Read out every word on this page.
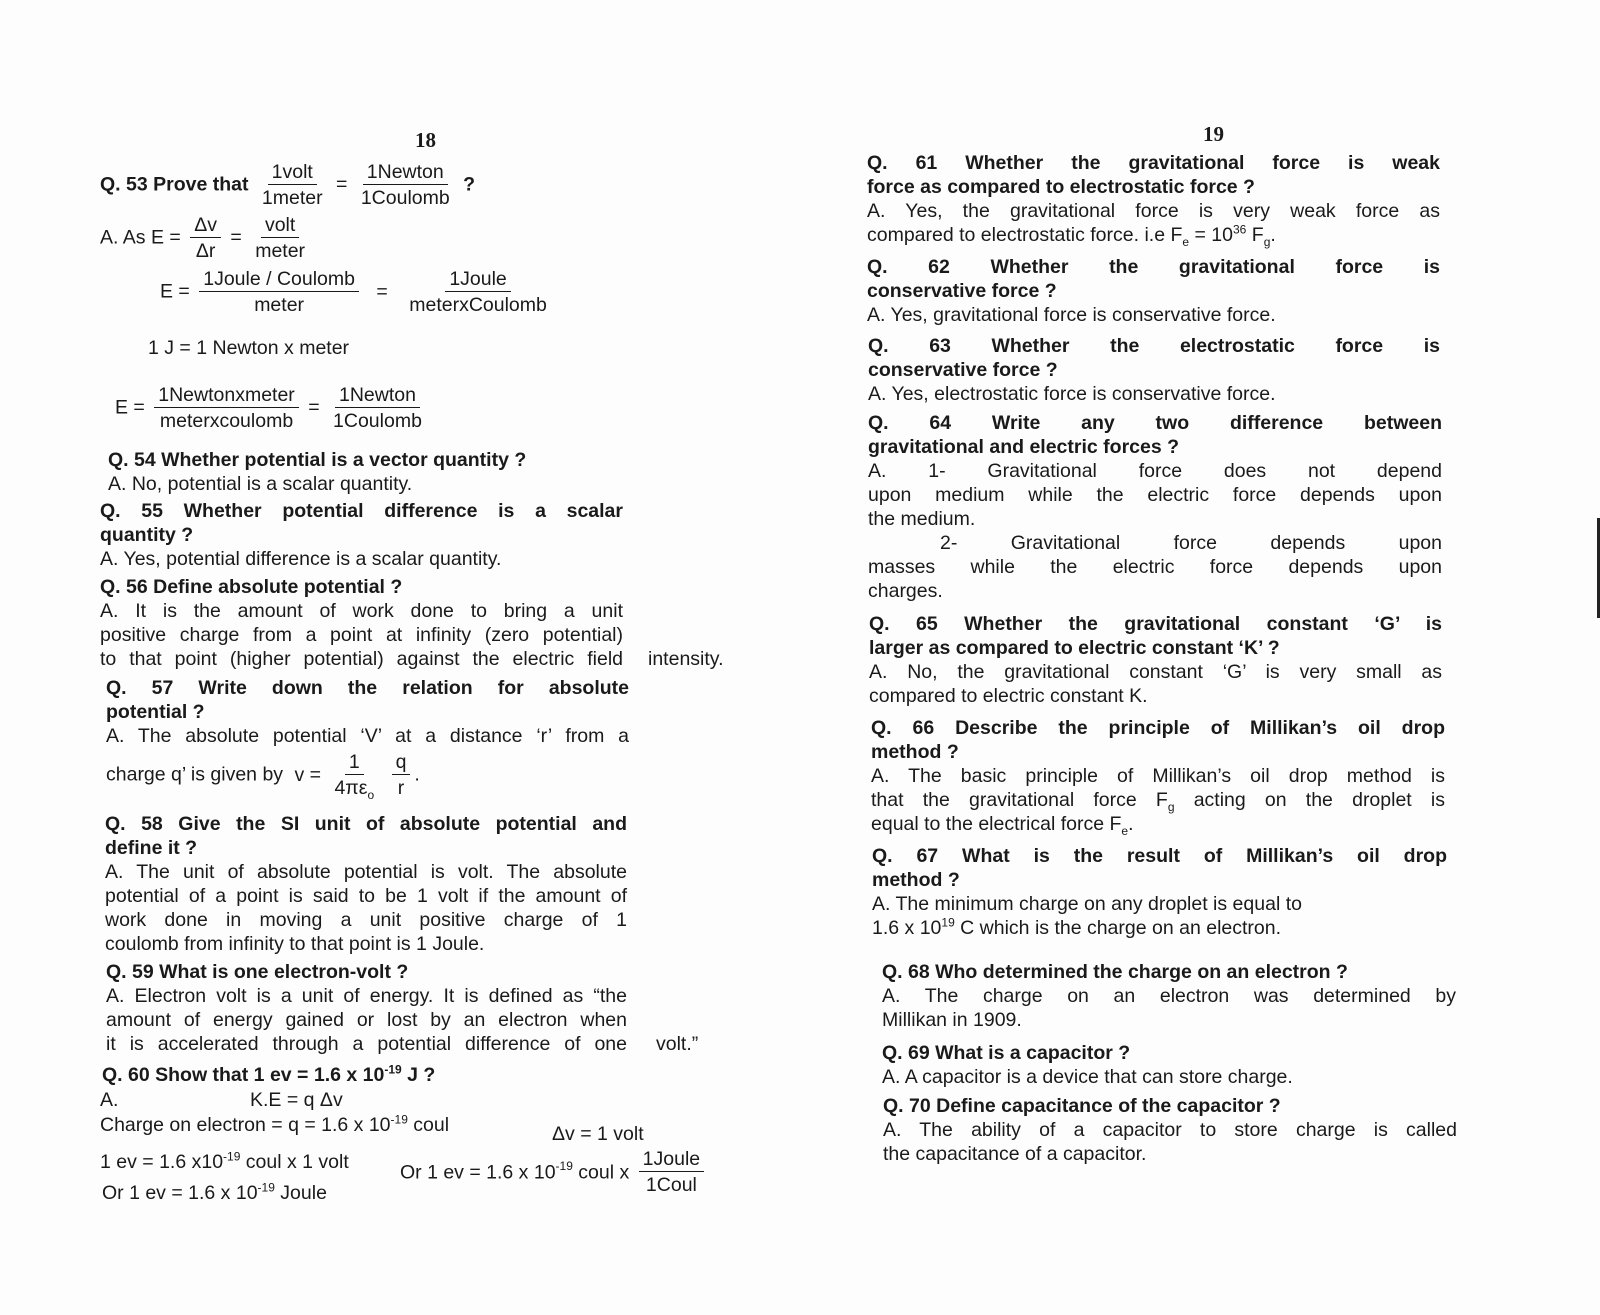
18
Q. 53 Prove that $\frac{\text{1volt}}{\text{1meter}} = \frac{\text{1Newton}}{\text{1Coulomb}}$ ?
A. As $E = \frac{\Delta v}{\Delta r} = \frac{\text{volt}}{\text{meter}}$
$E = \frac{\text{1Joule / Coulomb}}{\text{meter}} = \frac{\text{1Joule}}{\text{meterxCoulomb}}$
1 J = 1 Newton x meter
$E = \frac{\text{1Newtonxmeter}}{\text{meterxcoulomb}} = \frac{\text{1Newton}}{\text{1Coulomb}}$

Q. 54 Whether potential is a vector quantity ?

A. No, potential is a scalar quantity.

Q. 55 Whether potential difference is a scalar

quantity ?

A. Yes, potential difference is a scalar quantity.

Q. 56 Define absolute potential ?

A. It is the amount of work done to bring a unit

positive charge from a point at infinity (zero potential)

to that point (higher potential) against the electric field intensity.

Q. 57 Write down the relation for absolute

potential ?

A. The absolute potential ‘V’ at a distance ‘r’ from a

charge q’ is given by $v = \frac{1}{4\pi\varepsilon_o}$
$\frac{q}{r}$ .

Q. 58 Give the SI unit of absolute potential and

define it ?

A. The unit of absolute potential is volt. The absolute

potential of a point is said to be 1 volt if the amount of

work done in moving a unit positive charge of 1

coulomb from infinity to that point is 1 Joule.

Q. 59 What is one electron-volt ?

A. Electron volt is a unit of energy. It is defined as “the

amount of energy gained or lost by an electron when

it is accelerated through a potential difference of one volt.”
Q. 60 Show that 1 ev = 1.6 x $10^{-19}$ J ?
A.	K.E = q Δv
Charge on electron = q = 1.6 x $10^{-19}$ coul	Δv = 1 volt
1 ev = 1.6 $x10^{-19}$ coul x 1 volt	Or 1 ev = 1.6 x $10^{-19}$ coul x $\frac{\text{1Joule}}{\text{1Coul}}$
Or 1 ev = 1.6 x $10^{-19}$ Joule
19

Q. 61 Whether the gravitational force is weak

force as compared to electrostatic force ?

A. Yes, the gravitational force is very weak force as

compared to electrostatic force. i.e $F_e = 10^{36}$ $F_g$.

Q. 62 Whether the gravitational force is

conservative force ?

A. Yes, gravitational force is conservative force.

Q. 63 Whether the electrostatic force is

conservative force ?

A. Yes, electrostatic force is conservative force.

Q. 64 Write any two difference between

gravitational and electric forces ?

A. 1- Gravitational force does not depend

upon medium while the electric force depends upon

the medium.

2- Gravitational force depends upon

masses while the electric force depends upon

charges.

Q. 65 Whether the gravitational constant ‘G’ is

larger as compared to electric constant ‘K’ ?

A. No, the gravitational constant ‘G’ is very small as

compared to electric constant K.

Q. 66 Describe the principle of Millikan’s oil drop

method ?

A. The basic principle of Millikan’s oil drop method is

that the gravitational force $F_g$ acting on the droplet is

equal to the electrical force $F_e$.

Q. 67 What is the result of Millikan’s oil drop

method ?

A. The minimum charge on any droplet is equal to

1.6 x $10^{19}$ C which is the charge on an electron.

Q. 68 Who determined the charge on an electron ?

A. The charge on an electron was determined by

Millikan in 1909.

Q. 69 What is a capacitor ?

A. A capacitor is a device that can store charge.

Q. 70 Define capacitance of the capacitor ?

A. The ability of a capacitor to store charge is called

the capacitance of a capacitor.
